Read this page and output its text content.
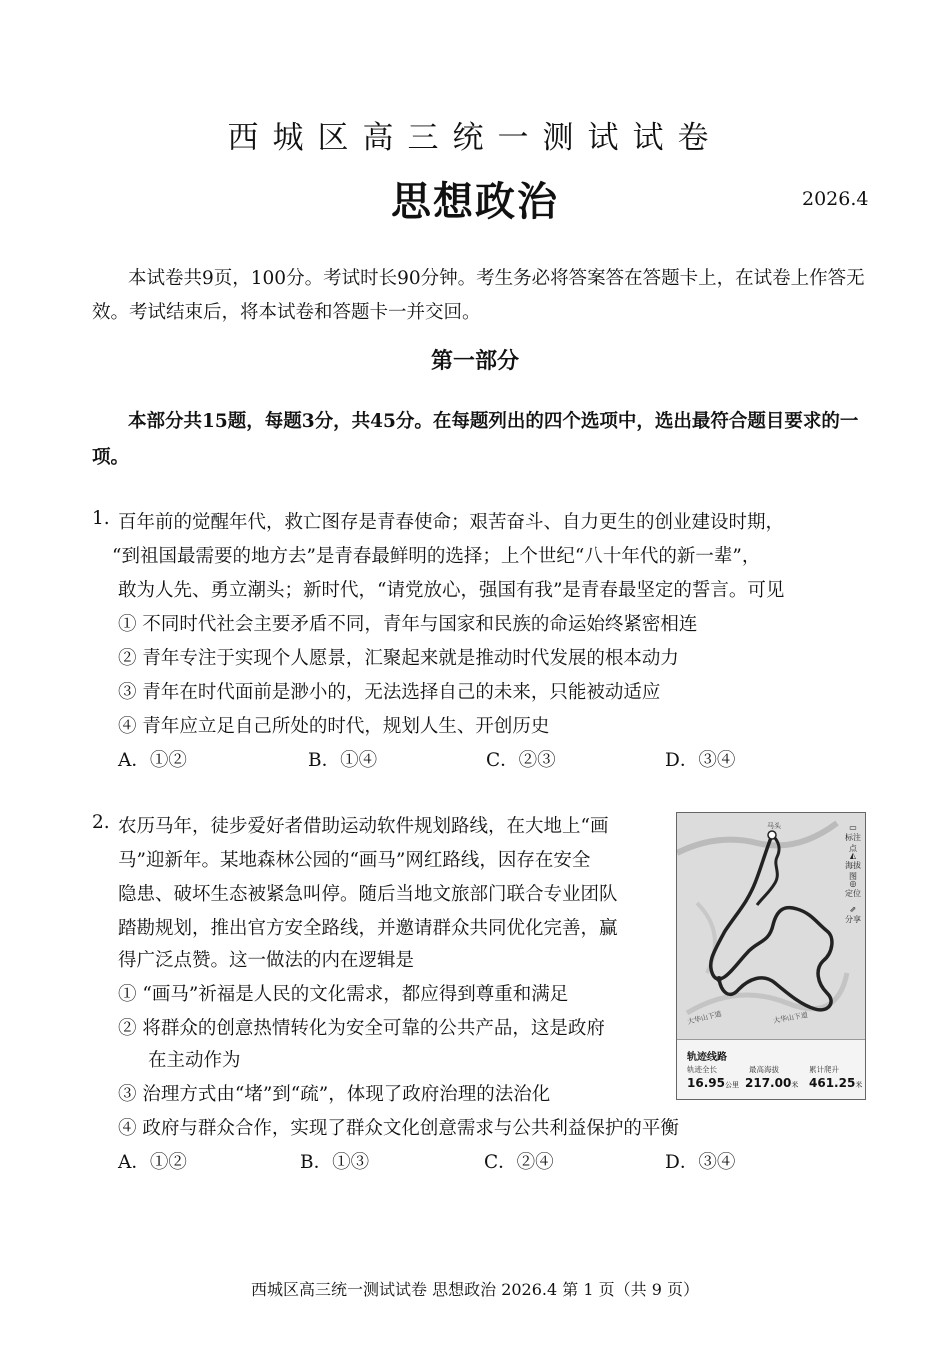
西城区高三统一测试试卷
思想政治	2026.4
本试卷共9页，100分。考试时长90分钟。考生务必将答案答在答题卡上，在试卷上作答无效。考试结束后，将本试卷和答题卡一并交回。
第一部分
本部分共15题，每题3分，共45分。在每题列出的四个选项中，选出最符合题目要求的一项。
1. 百年前的觉醒年代，救亡图存是青春使命；艰苦奋斗、自力更生的创业建设时期，
“到祖国最需要的地方去”是青春最鲜明的选择；上个世纪“八十年代的新一辈”，
敢为人先、勇立潮头；新时代，“请党放心，强国有我”是青春最坚定的誓言。可见
① 不同时代社会主要矛盾不同，青年与国家和民族的命运始终紧密相连
② 青年专注于实现个人愿景，汇聚起来就是推动时代发展的根本动力
③ 青年在时代面前是渺小的，无法选择自己的未来，只能被动适应
④ 青年应立足自己所处的时代，规划人生、开创历史
A．①②	B．①④	C．②③	D．③④
2. 农历马年，徒步爱好者借助运动软件规划路线，在大地上“画
马”迎新年。某地森林公园的“画马”网红路线，因存在安全
隐患、破坏生态被紧急叫停。随后当地文旅部门联合专业团队
踏勘规划，推出官方安全路线，并邀请群众共同优化完善，赢
得广泛点赞。这一做法的内在逻辑是
① “画马”祈福是人民的文化需求，都应得到尊重和满足
② 将群众的创意热情转化为安全可靠的公共产品，这是政府
在主动作为
③ 治理方式由“堵”到“疏”，体现了政府治理的法治化
④ 政府与群众合作，实现了群众文化创意需求与公共利益保护的平衡
A．①②	B．①③	C．②④	D．③④
▭
标注点
◭
海拔图
◎
定位
⇗
分享
马头
大华山下道	大华山下道
轨迹线路
轨迹全长	最高海拔	累计爬升
16.95公里 217.00米 461.25米
西城区高三统一测试试卷 思想政治 2026.4 第 1 页（共 9 页）
